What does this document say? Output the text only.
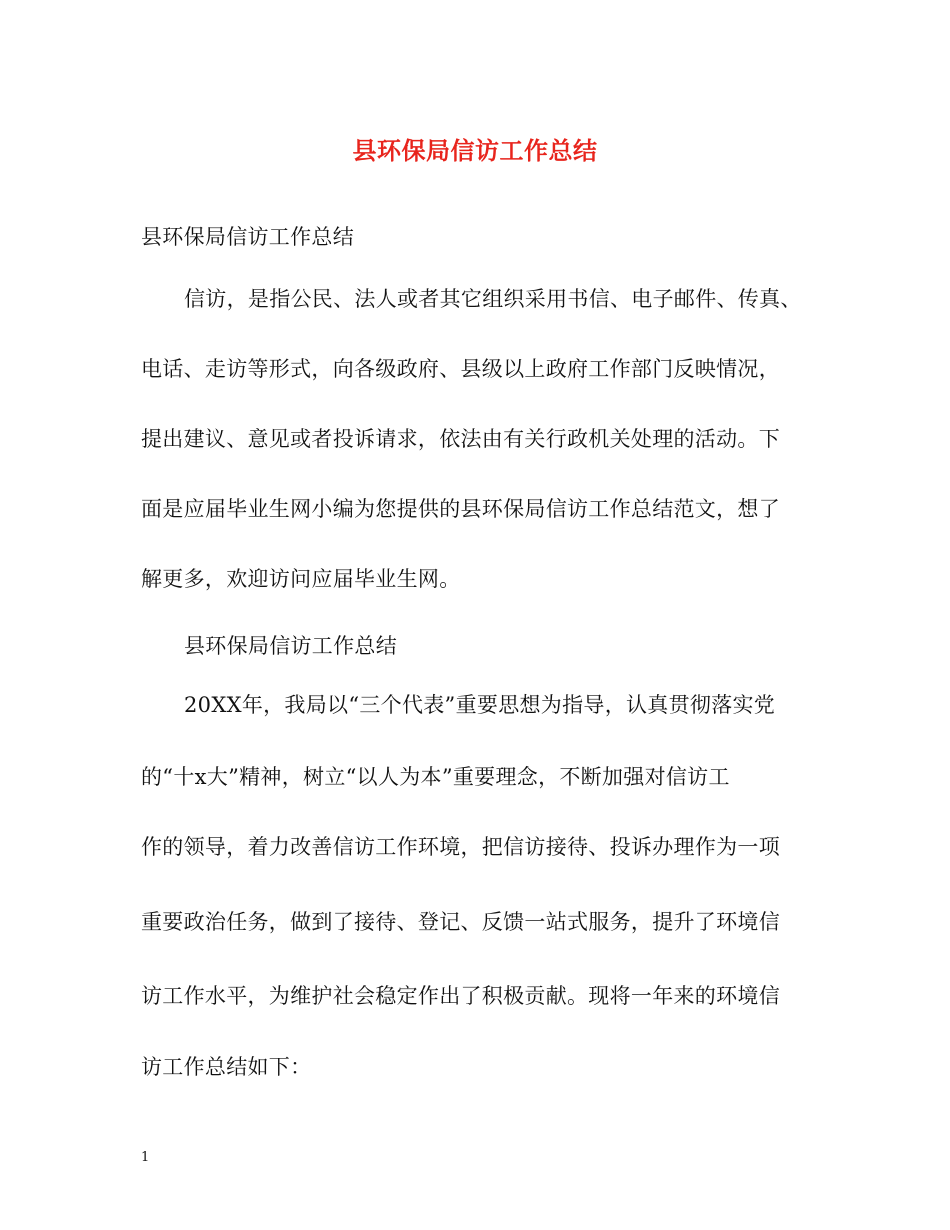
县环保局信访工作总结
县环保局信访工作总结
信访，是指公民、法人或者其它组织采用书信、电子邮件、传真、
电话、走访等形式，向各级政府、县级以上政府工作部门反映情况，
提出建议、意见或者投诉请求，依法由有关行政机关处理的活动。下
面是应届毕业生网小编为您提供的县环保局信访工作总结范文，想了
解更多，欢迎访问应届毕业生网。
县环保局信访工作总结
20XX年，我局以“三个代表”重要思想为指导，认真贯彻落实党
的“十x大”精神，树立“以人为本”重要理念，不断加强对信访工
作的领导，着力改善信访工作环境，把信访接待、投诉办理作为一项
重要政治任务，做到了接待、登记、反馈一站式服务，提升了环境信
访工作水平，为维护社会稳定作出了积极贡献。现将一年来的环境信
访工作总结如下：
1
